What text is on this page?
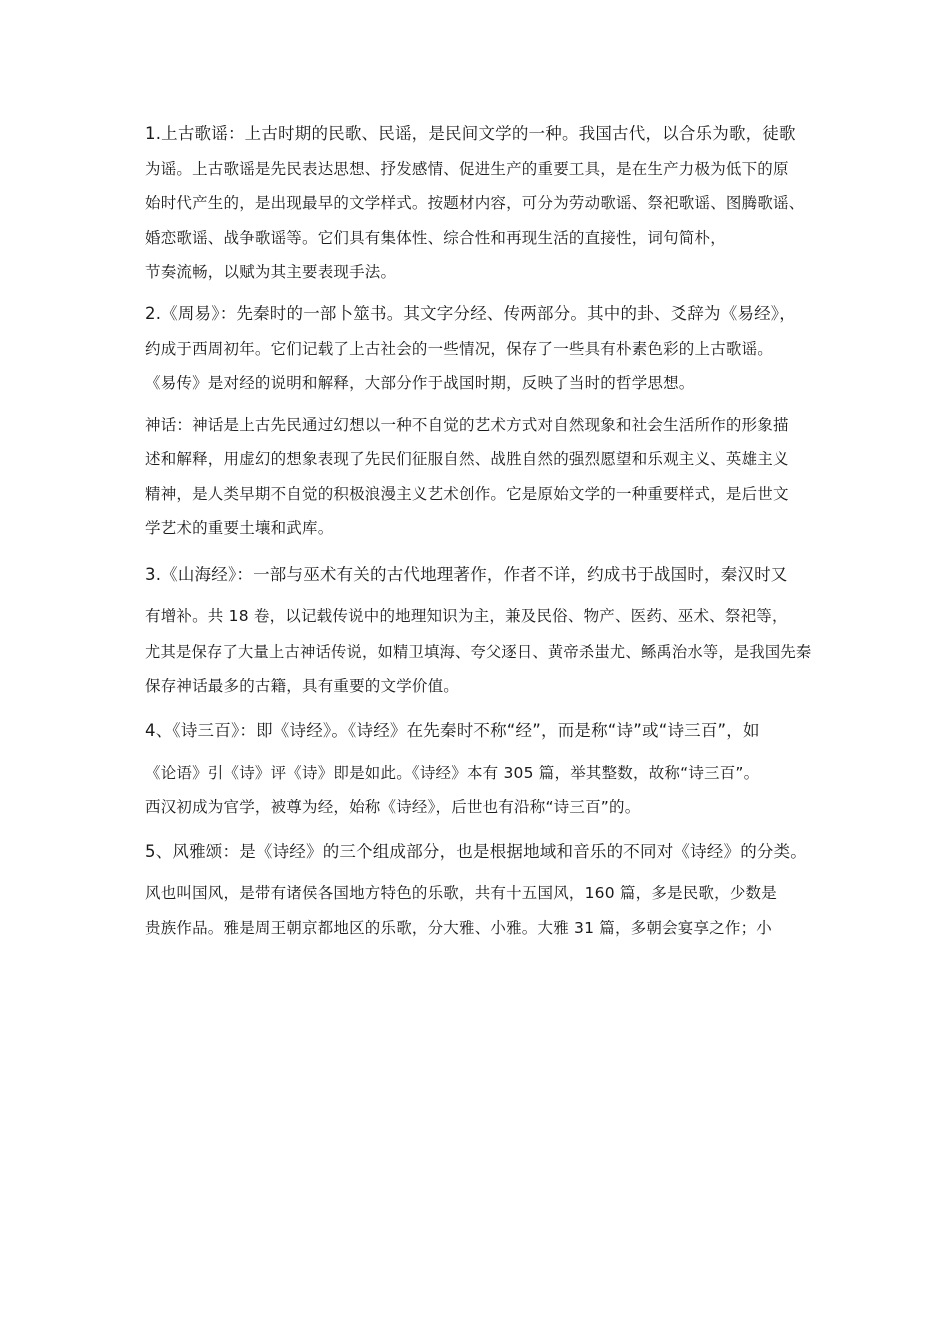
1.上古歌谣：上古时期的民歌、民谣，是民间文学的一种。我国古代，以合乐为歌，徒歌
为谣。上古歌谣是先民表达思想、抒发感情、促进生产的重要工具，是在生产力极为低下的原
始时代产生的，是出现最早的文学样式。按题材内容，可分为劳动歌谣、祭祀歌谣、图腾歌谣、
婚恋歌谣、战争歌谣等。它们具有集体性、综合性和再现生活的直接性，词句简朴，
节奏流畅，以赋为其主要表现手法。
2.《周易》：先秦时的一部卜筮书。其文字分经、传两部分。其中的卦、爻辞为《易经》，
约成于西周初年。它们记载了上古社会的一些情况，保存了一些具有朴素色彩的上古歌谣。
《易传》是对经的说明和解释，大部分作于战国时期，反映了当时的哲学思想。
神话：神话是上古先民通过幻想以一种不自觉的艺术方式对自然现象和社会生活所作的形象描
述和解释，用虚幻的想象表现了先民们征服自然、战胜自然的强烈愿望和乐观主义、英雄主义
精神，是人类早期不自觉的积极浪漫主义艺术创作。它是原始文学的一种重要样式，是后世文
学艺术的重要土壤和武库。
3.《山海经》：一部与巫术有关的古代地理著作，作者不详，约成书于战国时，秦汉时又
有增补。共 18 卷，以记载传说中的地理知识为主，兼及民俗、物产、医药、巫术、祭祀等，
尤其是保存了大量上古神话传说，如精卫填海、夸父逐日、黄帝杀蚩尤、鲧禹治水等，是我国先秦
保存神话最多的古籍，具有重要的文学价值。
4、《诗三百》：即《诗经》。《诗经》在先秦时不称“经”，而是称“诗”或“诗三百”，如
《论语》引《诗》评《诗》即是如此。《诗经》本有 305 篇，举其整数，故称“诗三百”。
西汉初成为官学，被尊为经，始称《诗经》，后世也有沿称“诗三百”的。
5、风雅颂：是《诗经》的三个组成部分，也是根据地域和音乐的不同对《诗经》的分类。
风也叫国风，是带有诸侯各国地方特色的乐歌，共有十五国风，160 篇，多是民歌，少数是
贵族作品。雅是周王朝京都地区的乐歌，分大雅、小雅。大雅 31 篇，多朝会宴享之作；小
